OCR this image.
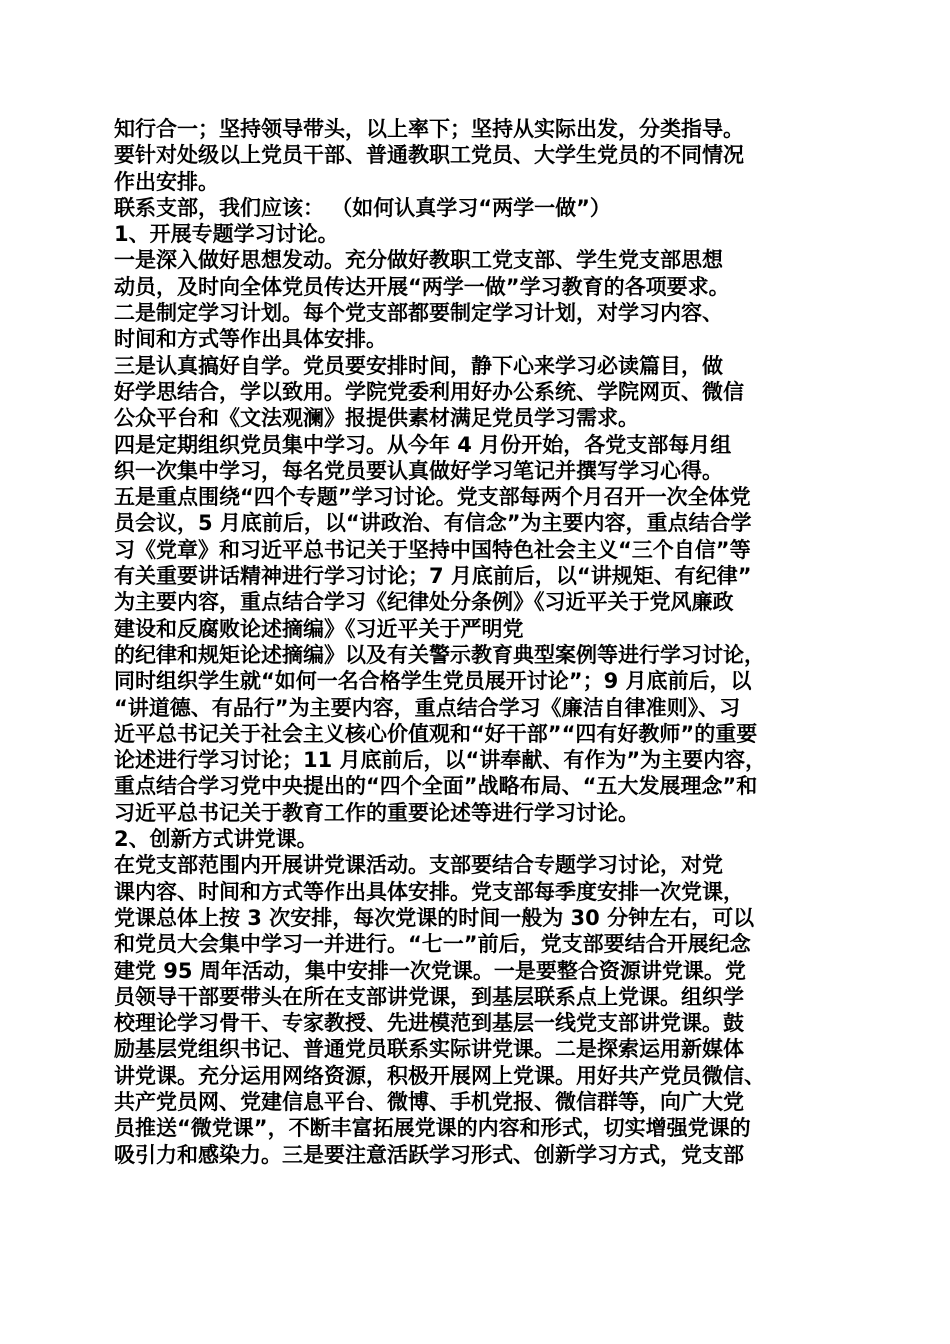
知行合一；坚持领导带头，以上率下；坚持从实际出发，分类指导。
要针对处级以上党员干部、普通教职工党员、大学生党员的不同情况
作出安排。
联系支部，我们应该： （如何认真学习“两学一做”）
1、开展专题学习讨论。
一是深入做好思想发动。充分做好教职工党支部、学生党支部思想
动员，及时向全体党员传达开展“两学一做”学习教育的各项要求。
二是制定学习计划。每个党支部都要制定学习计划，对学习内容、
时间和方式等作出具体安排。
三是认真搞好自学。党员要安排时间，静下心来学习必读篇目，做
好学思结合，学以致用。学院党委利用好办公系统、学院网页、微信
公众平台和《文法观澜》报提供素材满足党员学习需求。
四是定期组织党员集中学习。从今年 4 月份开始，各党支部每月组
织一次集中学习，每名党员要认真做好学习笔记并撰写学习心得。
五是重点围绕“四个专题”学习讨论。党支部每两个月召开一次全体党
员会议，5 月底前后，以“讲政治、有信念”为主要内容，重点结合学
习《党章》和习近平总书记关于坚持中国特色社会主义“三个自信”等
有关重要讲话精神进行学习讨论；7 月底前后，以“讲规矩、有纪律”
为主要内容，重点结合学习《纪律处分条例》《习近平关于党风廉政
建设和反腐败论述摘编》《习近平关于严明党
的纪律和规矩论述摘编》以及有关警示教育典型案例等进行学习讨论，
同时组织学生就“如何一名合格学生党员展开讨论”；9 月底前后，以
“讲道德、有品行”为主要内容，重点结合学习《廉洁自律准则》、习
近平总书记关于社会主义核心价值观和“好干部”“四有好教师”的重要
论述进行学习讨论；11 月底前后，以“讲奉献、有作为”为主要内容，
重点结合学习党中央提出的“四个全面”战略布局、“五大发展理念”和
习近平总书记关于教育工作的重要论述等进行学习讨论。
2、创新方式讲党课。
在党支部范围内开展讲党课活动。支部要结合专题学习讨论，对党
课内容、时间和方式等作出具体安排。党支部每季度安排一次党课，
党课总体上按 3 次安排，每次党课的时间一般为 30 分钟左右，可以
和党员大会集中学习一并进行。“七一”前后，党支部要结合开展纪念
建党 95 周年活动，集中安排一次党课。一是要整合资源讲党课。党
员领导干部要带头在所在支部讲党课，到基层联系点上党课。组织学
校理论学习骨干、专家教授、先进模范到基层一线党支部讲党课。鼓
励基层党组织书记、普通党员联系实际讲党课。二是探索运用新媒体
讲党课。充分运用网络资源，积极开展网上党课。用好共产党员微信、
共产党员网、党建信息平台、微博、手机党报、微信群等，向广大党
员推送“微党课”，不断丰富拓展党课的内容和形式，切实增强党课的
吸引力和感染力。三是要注意活跃学习形式、创新学习方式，党支部
